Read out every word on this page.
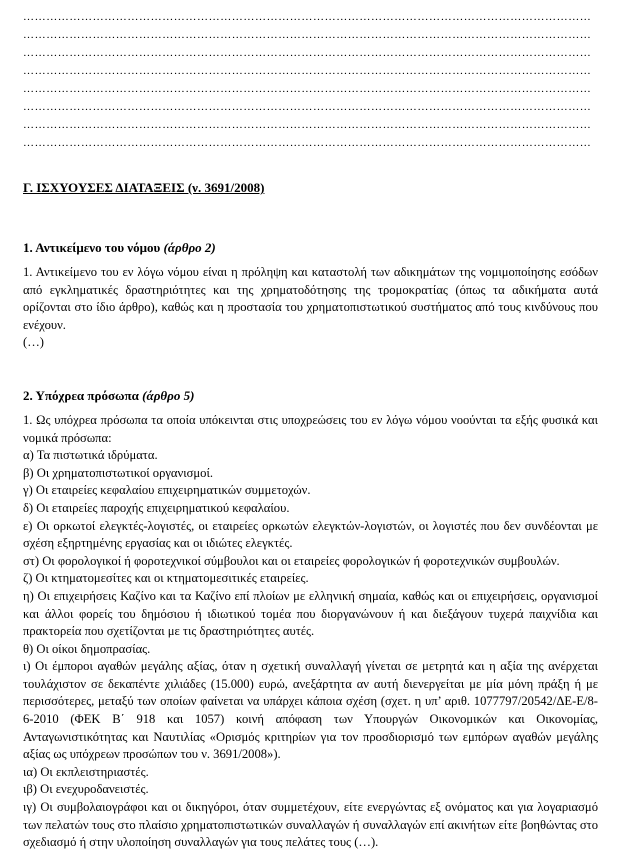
…………………………………………………………………………………………………………………………………
…………………………………………………………………………………………………………………………………
…………………………………………………………………………………………………………………………………
…………………………………………………………………………………………………………………………………
…………………………………………………………………………………………………………………………………
…………………………………………………………………………………………………………………………………
…………………………………………………………………………………………………………………………………
…………………………………………………………………………………………………………………………………
Γ. ΙΣΧΥΟΥΣΕΣ ΔΙΑΤΑΞΕΙΣ (ν. 3691/2008)
1. Αντικείμενο του νόμου (άρθρο 2)
1. Αντικείμενο του εν λόγω νόμου είναι η πρόληψη και καταστολή των αδικημάτων της νομιμοποίησης εσόδων από εγκληματικές δραστηριότητες και της χρηματοδότησης της τρομοκρατίας (όπως τα αδικήματα αυτά ορίζονται στο ίδιο άρθρο), καθώς και η προστασία του χρηματοπιστωτικού συστήματος από τους κινδύνους που ενέχουν.
(…)
2. Υπόχρεα πρόσωπα (άρθρο 5)
1. Ως υπόχρεα πρόσωπα τα οποία υπόκεινται στις υποχρεώσεις του εν λόγω νόμου νοούνται τα εξής φυσικά και νομικά πρόσωπα:
α) Τα πιστωτικά ιδρύματα.
β) Οι χρηματοπιστωτικοί οργανισμοί.
γ) Οι εταιρείες κεφαλαίου επιχειρηματικών συμμετοχών.
δ) Οι εταιρείες παροχής επιχειρηματικού κεφαλαίου.
ε) Οι ορκωτοί ελεγκτές-λογιστές, οι εταιρείες ορκωτών ελεγκτών-λογιστών, οι λογιστές που δεν συνδέονται με σχέση εξηρτημένης εργασίας και οι ιδιώτες ελεγκτές.
στ) Οι φορολογικοί ή φοροτεχνικοί σύμβουλοι και οι εταιρείες φορολογικών ή φοροτεχνικών συμβουλών.
ζ) Οι κτηματομεσίτες και οι κτηματομεσιτικές εταιρείες.
η) Οι επιχειρήσεις Καζίνο και τα Καζίνο επί πλοίων με ελληνική σημαία, καθώς και οι επιχειρήσεις, οργανισμοί και άλλοι φορείς του δημόσιου ή ιδιωτικού τομέα που διοργανώνουν ή και διεξάγουν τυχερά παιχνίδια και πρακτορεία που σχετίζονται με τις δραστηριότητες αυτές.
θ) Οι οίκοι δημοπρασίας.
ι) Οι έμποροι αγαθών μεγάλης αξίας, όταν η σχετική συναλλαγή γίνεται σε μετρητά και η αξία της ανέρχεται τουλάχιστον σε δεκαπέντε χιλιάδες (15.000) ευρώ, ανεξάρτητα αν αυτή διενεργείται με μία μόνη πράξη ή με περισσότερες, μεταξύ των οποίων φαίνεται να υπάρχει κάποια σχέση (σχετ. η υπ’ αριθ. 1077797/20542/ΔΕ-Ε/8-6-2010 (ΦΕΚ Β΄ 918 και 1057) κοινή απόφαση των Υπουργών Οικονομικών και Οικονομίας, Ανταγωνιστικότητας και Ναυτιλίας «Ορισμός κριτηρίων για τον προσδιορισμό των εμπόρων αγαθών μεγάλης αξίας ως υπόχρεων προσώπων του ν. 3691/2008»).
ια) Οι εκπλειστηριαστές.
ιβ) Οι ενεχυροδανειστές.
ιγ) Οι συμβολαιογράφοι και οι δικηγόροι, όταν συμμετέχουν, είτε ενεργώντας εξ ονόματος και για λογαριασμό των πελατών τους στο πλαίσιο χρηματοπιστωτικών συναλλαγών ή συναλλαγών επί ακινήτων είτε βοηθώντας στο σχεδιασμό ή στην υλοποίηση συναλλαγών για τους πελάτες τους (…).
